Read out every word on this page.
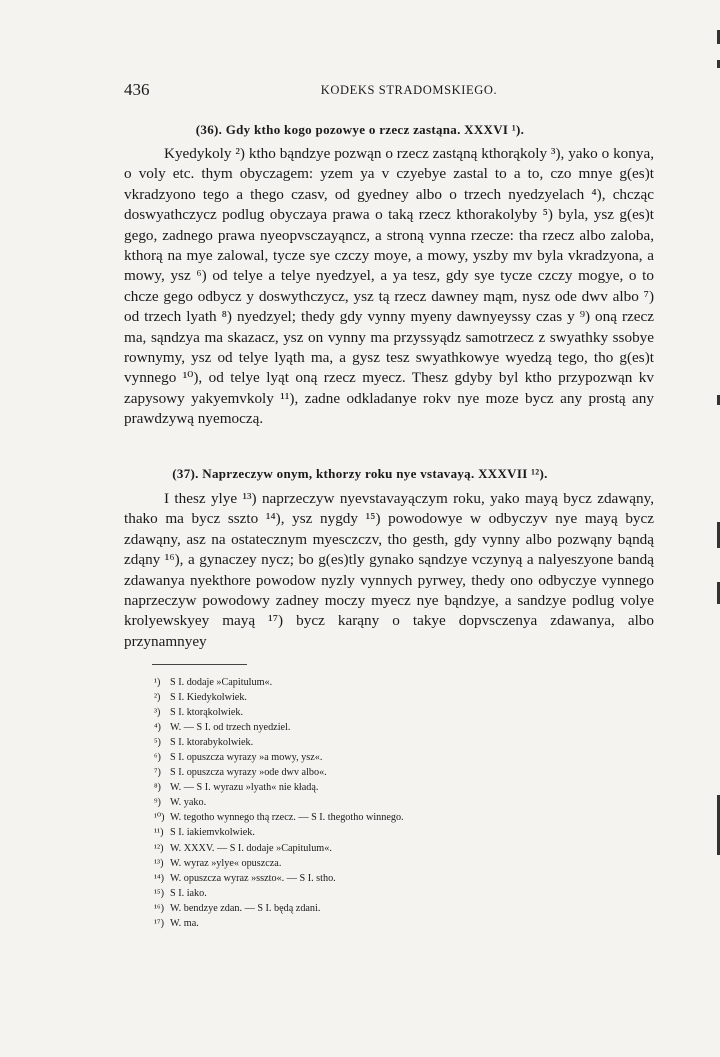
436	KODEKS STRADOMSKIEGO.
(36). Gdy ktho kogo pozowye o rzecz zastąna. XXXVI ¹).

Kyedykoly ²) ktho bąndzye pozwąn o rzecz zastąną kthorąkoly ³), yako o konya, o voly etc. thym obyczagem: yzem ya v czyebye zastal to a to, czo mnye g(es)t vkradzyono tego a thego czasv, od gyedney albo o trzech nyedzyelach ⁴), chcząc doswyathczycz podlug obyczaya prawa o taką rzecz kthorakolyby ⁵) byla, ysz g(es)t gego, zadnego prawa nyeopvsczayąncz, a stroną vynna rzecze: tha rzecz albo zaloba, kthorą na mye zalowal, tycze sye czczy moye, a mowy, yszby mv byla vkradzyona, a mowy, ysz ⁶) od telye a telye nyedzyel, a ya tesz, gdy sye tycze czczy mogye, o to chcze gego odbycz y doswythczycz, ysz tą rzecz dawney mąm, nysz ode dwv albo ⁷) od trzech lyath ⁸) nyedzyel; thedy gdy vynny myeny dawnyeyssy czas y ⁹) oną rzecz ma, sąndzya ma skazacz, ysz on vynny ma przyssyądz samotrzecz z swyathky ssobye rownymy, ysz od telye lyąth ma, a gysz tesz swyathkowye wyedzą tego, tho g(es)t vynnego ¹⁰), od telye lyąt oną rzecz myecz. Thesz gdyby byl ktho przypozwąn kv zapysowy yakyemvkoly ¹¹), zadne odkladanye rokv nye moze bycz any prostą any prawdzywą nyemoczą.

(37). Naprzeczyw onym, kthorzy roku nye vstavayą. XXXVII ¹²).

I thesz ylye ¹³) naprzeczyw nyevstavayączym roku, yako mayą bycz zdawąny, thako ma bycz sszto ¹⁴), ysz nygdy ¹⁵) powodowye w odbyczyv nye mayą bycz zdawąny, asz na ostatecznym myesczczv, tho gesth, gdy vynny albo pozwąny bąndą zdąny ¹⁶), a gynaczey nycz; bo g(es)tly gynako sąndzye vczynyą a nalyeszyone bandą zdawanya nyekthore powodow nyzly vynnych pyrwey, thedy ono odbyczye vynnego naprzeczyw powodowy zadney moczy myecz nye bąndzye, a sandzye podlug volye krolyewskyey mayą ¹⁷) bycz karąny o takye dopvsczenya zdawanya, albo przynamnyey

¹) S I. dodaje »Capitulum«.
²) S I. Kiedykolwiek.
³) S I. ktorąkolwiek.
⁴) W. — S I. od trzech nyedziel.
⁵) S I. ktorabykolwiek.
⁶) S I. opuszcza wyrazy »a mowy, ysz«.
⁷) S I. opuszcza wyrazy »ode dwv albo«.
⁸) W. — S I. wyrazu »lyath« nie kładą.
⁹) W. yako.
¹⁰) W. tegotho wynnego thą rzecz. — S I. thegotho winnego.
¹¹) S I. iakiemvkolwiek.
¹²) W. XXXV. — S I. dodaje »Capitulum«.
¹³) W. wyraz »ylye« opuszcza.
¹⁴) W. opuszcza wyraz »sszto«. — S I. stho.
¹⁵) S I. iako.
¹⁶) W. bendzye zdan. — S I. będą zdani.
¹⁷) W. ma.
